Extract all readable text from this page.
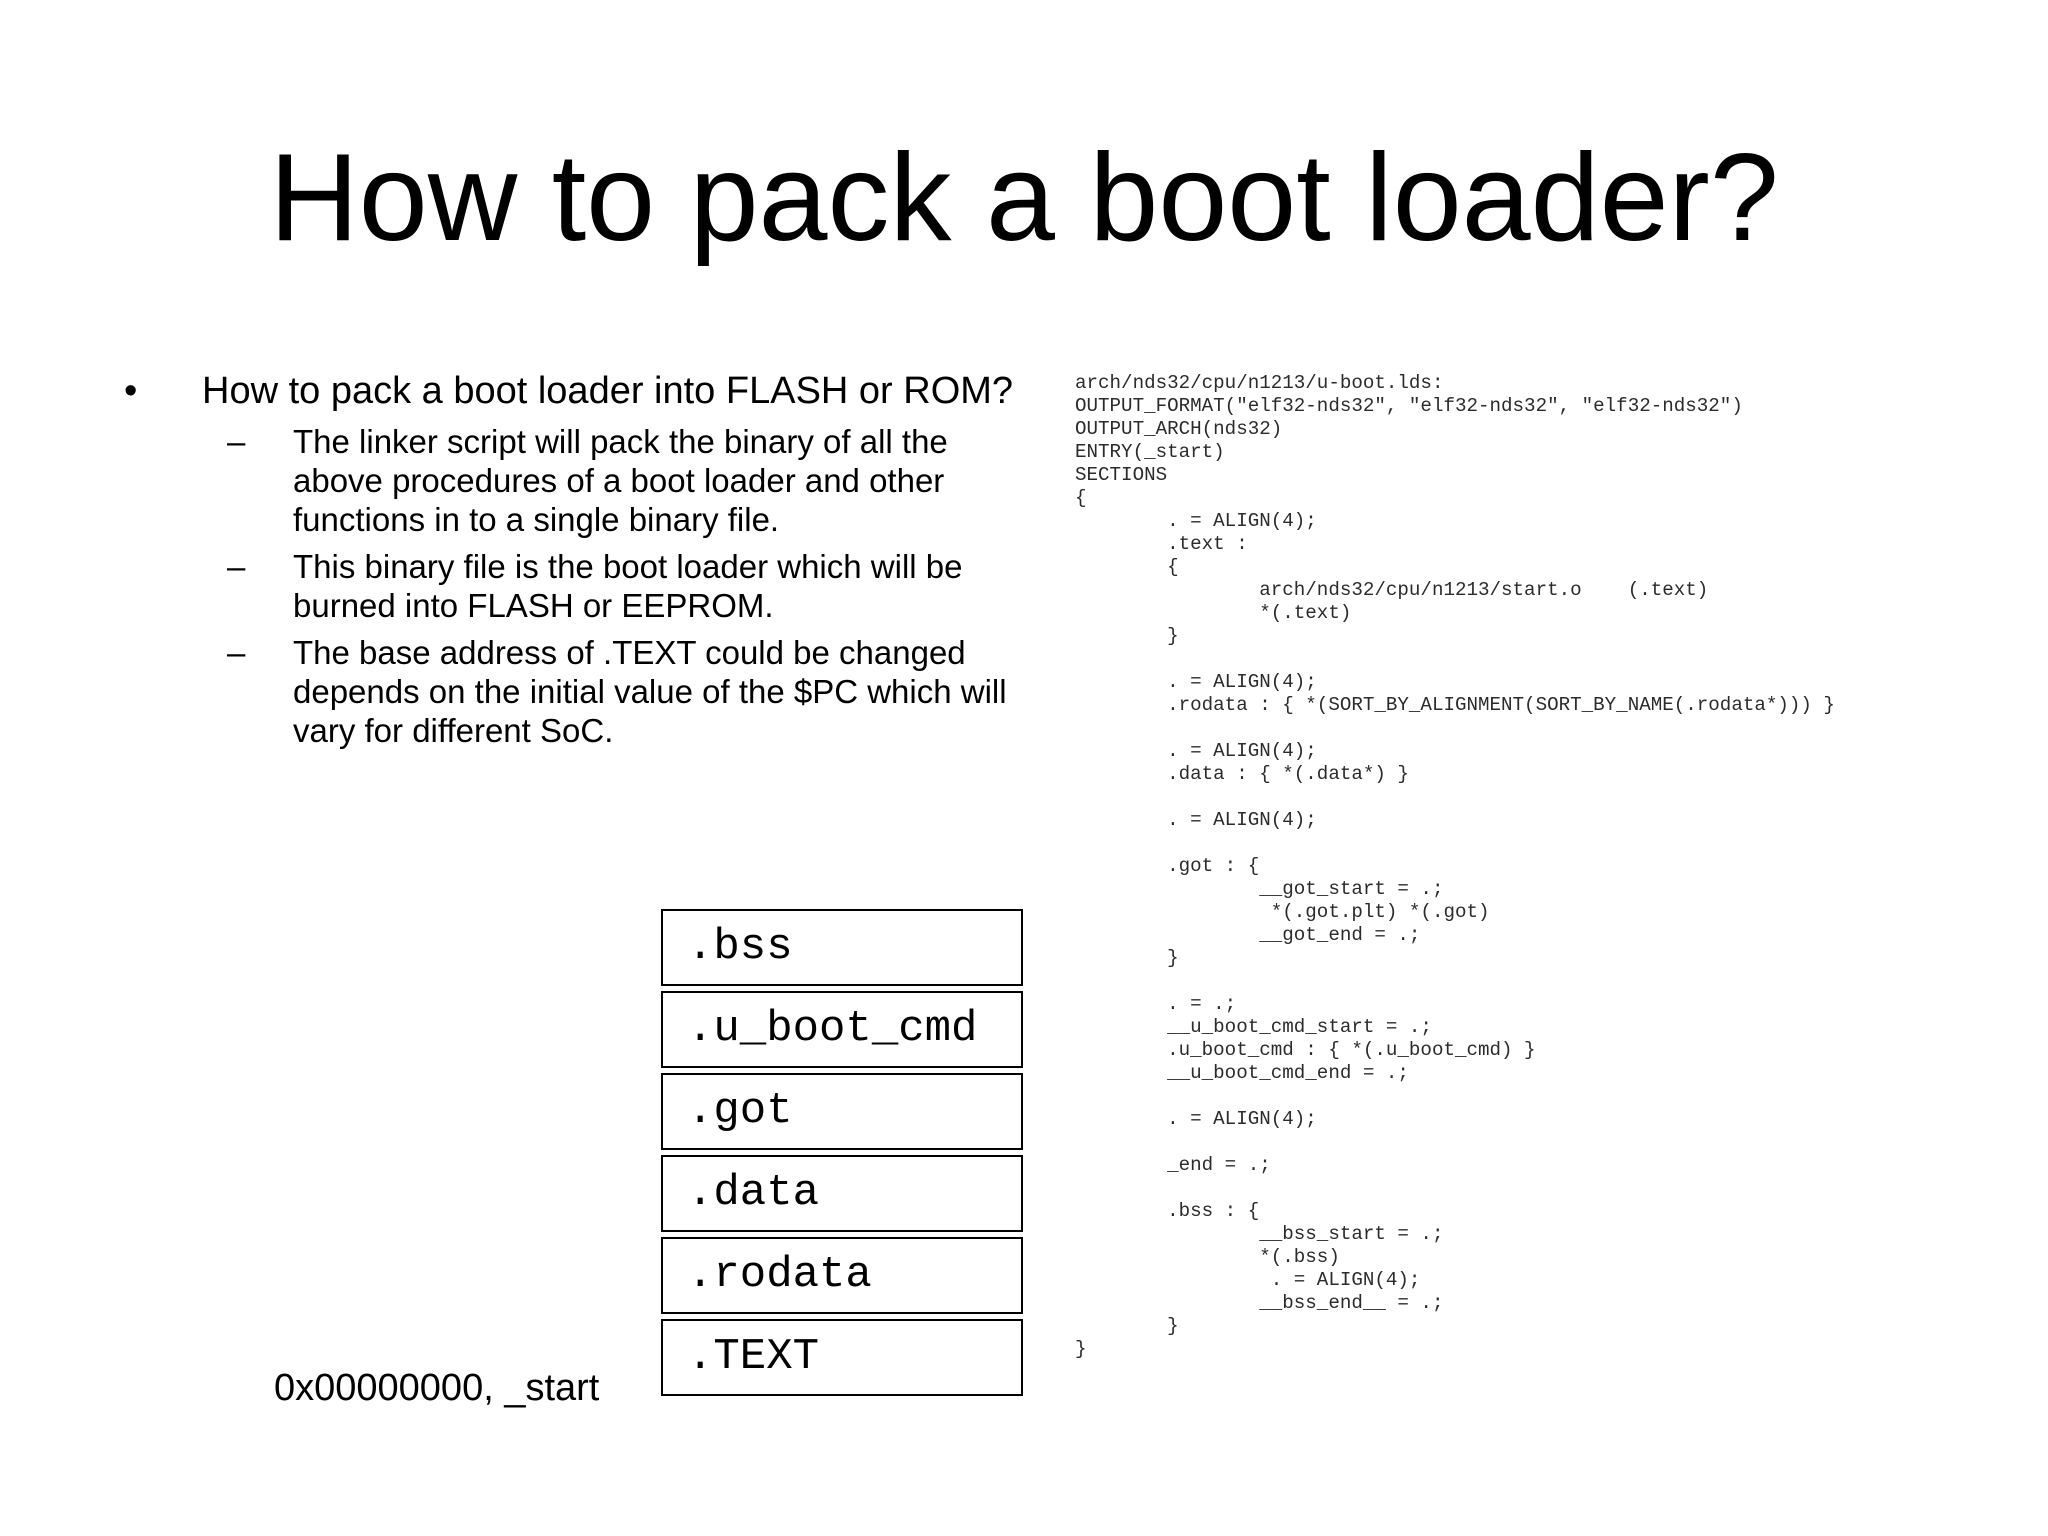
How to pack a boot loader?
• How to pack a boot loader into FLASH or ROM?
– The linker script will pack the binary of all the above procedures of a boot loader and other functions in to a single binary file.
– This binary file is the boot loader which will be burned into FLASH or EEPROM.
– The base address of .TEXT could be changed depends on the initial value of the $PC which will vary for different SoC.
arch/nds32/cpu/n1213/u-boot.lds:
OUTPUT_FORMAT("elf32-nds32", "elf32-nds32", "elf32-nds32")
OUTPUT_ARCH(nds32)
ENTRY(_start)
SECTIONS
{
. = ALIGN(4);
.text :
{
arch/nds32/cpu/n1213/start.o    (.text)
*(.text)
}
. = ALIGN(4);
.rodata : { *(SORT_BY_ALIGNMENT(SORT_BY_NAME(.rodata*))) }
. = ALIGN(4);
.data : { *(.data*) }
. = ALIGN(4);
.got : {
__got_start = .;
*(.got.plt) *(.got)
__got_end = .;
}
. = .;
__u_boot_cmd_start = .;
.u_boot_cmd : { *(.u_boot_cmd) }
__u_boot_cmd_end = .;
. = ALIGN(4);
_end = .;
.bss : {
__bss_start = .;
*(.bss)
. = ALIGN(4);
__bss_end__ = .;
}
}
.bss
.u_boot_cmd
.got
.data
.rodata
.TEXT
0x00000000, _start
